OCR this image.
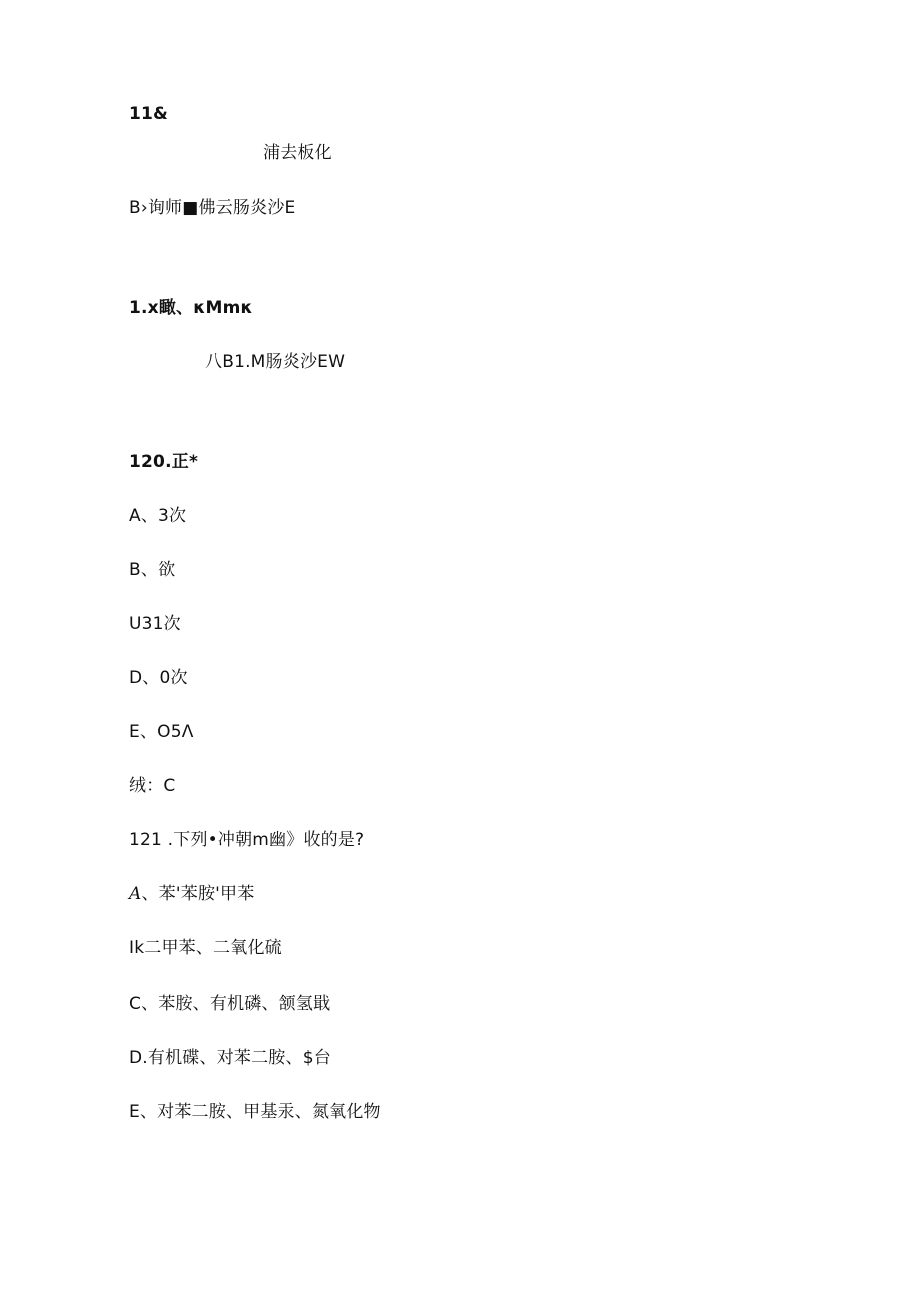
11&
浦去板化
B›询师■佛云肠炎沙E
1.x瞰、κMmκ
八B1.M肠炎沙EW
120.正*
A、3次
B、欲
U31次
D、0次
E、O5Λ
绒：C
121 .下列•冲朝m幽》收的是?
A、苯'苯胺'甲苯
Ik二甲苯、二氧化硫
C、苯胺、有机磷、颔氢戢
D.有机碟、对苯二胺、$台
E、对苯二胺、甲基汞、氮氧化物
